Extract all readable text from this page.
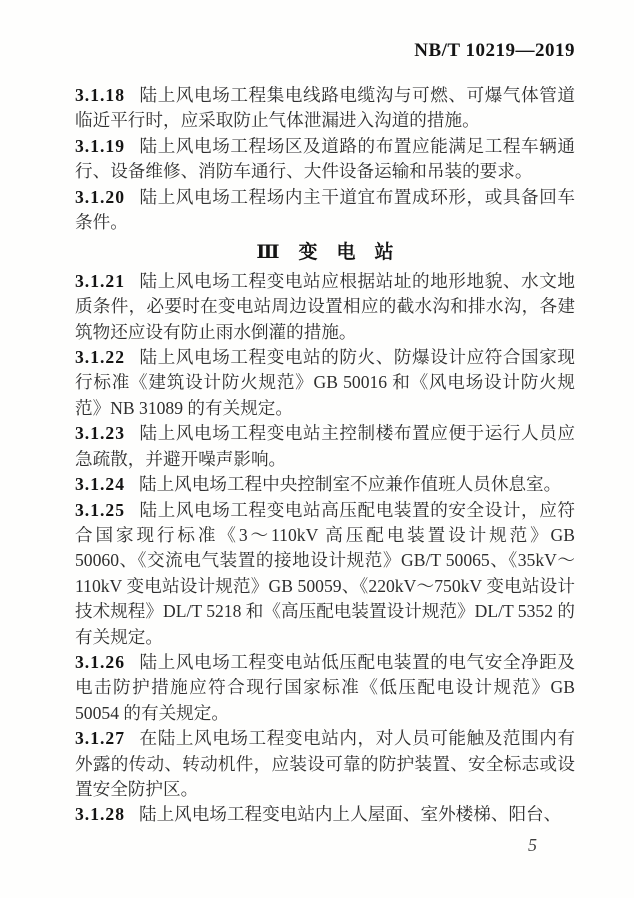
NB/T 10219—2019

3.1.18 陆上风电场工程集电线路电缆沟与可燃、可爆气体管道临近平行时，应采取防止气体泄漏进入沟道的措施。

3.1.19 陆上风电场工程场区及道路的布置应能满足工程车辆通行、设备维修、消防车通行、大件设备运输和吊装的要求。

3.1.20 陆上风电场工程场内主干道宜布置成环形，或具备回车条件。

Ⅲ　变　电　站

3.1.21 陆上风电场工程变电站应根据站址的地形地貌、水文地质条件，必要时在变电站周边设置相应的截水沟和排水沟，各建筑物还应设有防止雨水倒灌的措施。

3.1.22 陆上风电场工程变电站的防火、防爆设计应符合国家现行标准《建筑设计防火规范》GB 50016 和《风电场设计防火规范》NB 31089 的有关规定。

3.1.23 陆上风电场工程变电站主控制楼布置应便于运行人员应急疏散，并避开噪声影响。

3.1.24 陆上风电场工程中央控制室不应兼作值班人员休息室。

3.1.25 陆上风电场工程变电站高压配电装置的安全设计，应符合国家现行标准《3～110kV 高压配电装置设计规范》GB 50060、《交流电气装置的接地设计规范》GB/T 50065、《35kV～110kV 变电站设计规范》GB 50059、《220kV～750kV 变电站设计技术规程》DL/T 5218 和《高压配电装置设计规范》DL/T 5352 的有关规定。

3.1.26 陆上风电场工程变电站低压配电装置的电气安全净距及电击防护措施应符合现行国家标准《低压配电设计规范》GB 50054 的有关规定。

3.1.27 在陆上风电场工程变电站内，对人员可能触及范围内有外露的传动、转动机件，应装设可靠的防护装置、安全标志或设置安全防护区。

3.1.28 陆上风电场工程变电站内上人屋面、室外楼梯、阳台、

5
